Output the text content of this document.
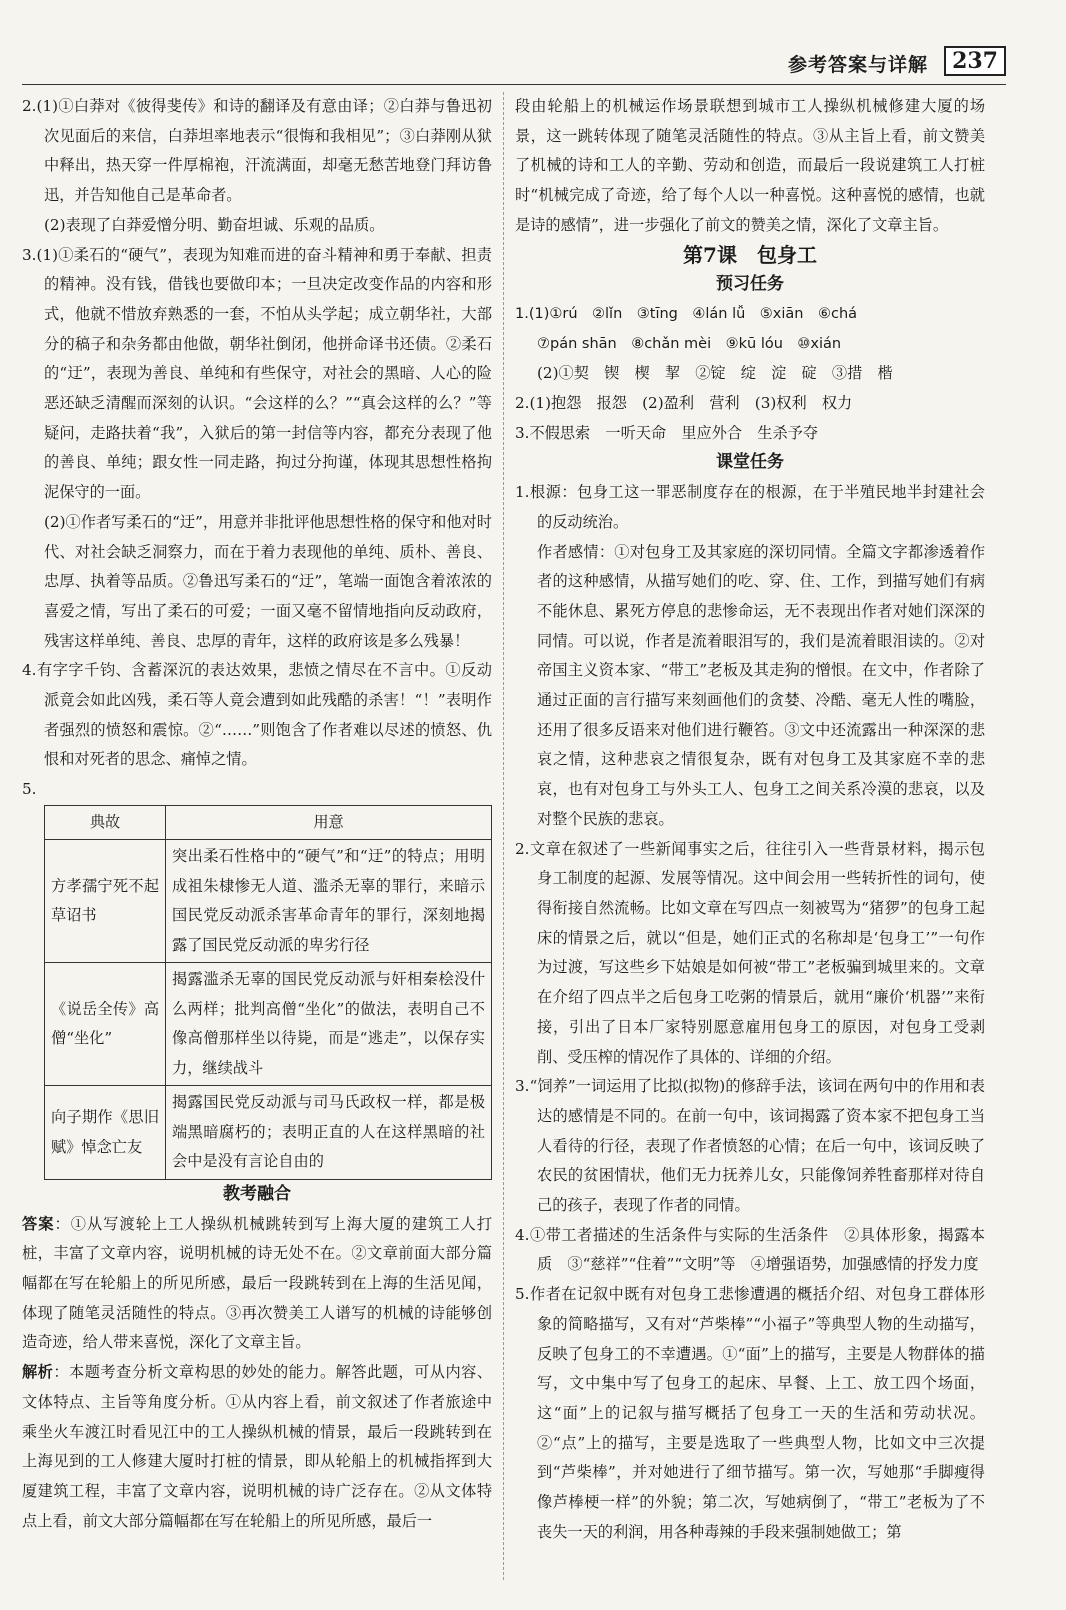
参考答案与详解	237

2.(1)①白莽对《彼得斐传》和诗的翻译及有意由译；②白莽与鲁迅初次见面后的来信，白莽坦率地表示“很悔和我相见”；③白莽刚从狱中释出，热天穿一件厚棉袍，汗流满面，却毫无愁苦地登门拜访鲁迅，并告知他自己是革命者。

(2)表现了白莽爱憎分明、勤奋坦诚、乐观的品质。

3.(1)①柔石的“硬气”，表现为知难而进的奋斗精神和勇于奉献、担责的精神。没有钱，借钱也要做印本；一旦决定改变作品的内容和形式，他就不惜放弃熟悉的一套，不怕从头学起；成立朝华社，大部分的稿子和杂务都由他做，朝华社倒闭，他拼命译书还债。②柔石的“迂”，表现为善良、单纯和有些保守，对社会的黑暗、人心的险恶还缺乏清醒而深刻的认识。“会这样的么？”“真会这样的么？”等疑问，走路扶着“我”，入狱后的第一封信等内容，都充分表现了他的善良、单纯；跟女性一同走路，拘过分拘谨，体现其思想性格拘泥保守的一面。

(2)①作者写柔石的“迂”，用意并非批评他思想性格的保守和他对时代、对社会缺乏洞察力，而在于着力表现他的单纯、质朴、善良、忠厚、执着等品质。②鲁迅写柔石的“迂”，笔端一面饱含着浓浓的喜爱之情，写出了柔石的可爱；一面又毫不留情地指向反动政府，残害这样单纯、善良、忠厚的青年，这样的政府该是多么残暴！

4.有字字千钧、含蓄深沉的表达效果，悲愤之情尽在不言中。①反动派竟会如此凶残，柔石等人竟会遭到如此残酷的杀害！“！”表明作者强烈的愤怒和震惊。②“……”则饱含了作者难以尽述的愤怒、仇恨和对死者的思念、痛悼之情。

5.

典故	用意
方孝孺宁死不起草诏书	突出柔石性格中的“硬气”和“迂”的特点；用明成祖朱棣惨无人道、滥杀无辜的罪行，来暗示国民党反动派杀害革命青年的罪行，深刻地揭露了国民党反动派的卑劣行径
《说岳全传》高僧“坐化”	揭露滥杀无辜的国民党反动派与奸相秦桧没什么两样；批判高僧“坐化”的做法，表明自己不像高僧那样坐以待毙，而是“逃走”，以保存实力，继续战斗
向子期作《思旧赋》悼念亡友	揭露国民党反动派与司马氏政权一样，都是极端黑暗腐朽的；表明正直的人在这样黑暗的社会中是没有言论自由的

教考融合

答案：①从写渡轮上工人操纵机械跳转到写上海大厦的建筑工人打桩，丰富了文章内容，说明机械的诗无处不在。②文章前面大部分篇幅都在写在轮船上的所见所感，最后一段跳转到在上海的生活见闻，体现了随笔灵活随性的特点。③再次赞美工人谱写的机械的诗能够创造奇迹，给人带来喜悦，深化了文章主旨。

解析：本题考查分析文章构思的妙处的能力。解答此题，可从内容、文体特点、主旨等角度分析。①从内容上看，前文叙述了作者旅途中乘坐火车渡江时看见江中的工人操纵机械的情景，最后一段跳转到在上海见到的工人修建大厦时打桩的情景，即从轮船上的机械指挥到大厦建筑工程，丰富了文章内容，说明机械的诗广泛存在。②从文体特点上看，前文大部分篇幅都在写在轮船上的所见所感，最后一

段由轮船上的机械运作场景联想到城市工人操纵机械修建大厦的场景，这一跳转体现了随笔灵活随性的特点。③从主旨上看，前文赞美了机械的诗和工人的辛勤、劳动和创造，而最后一段说建筑工人打桩时“机械完成了奇迹，给了每个人以一种喜悦。这种喜悦的感情，也就是诗的感情”，进一步强化了前文的赞美之情，深化了文章主旨。

第7课　包身工

预习任务

1.(1)①rú　②lǐn　③tīng　④lán lǚ　⑤xiān　⑥chá

⑦pán shān　⑧chǎn mèi　⑨kū lóu　⑩xián

(2)①契　锲　楔　挈　②锭　绽　淀　碇　③措　楷

2.(1)抱怨　报怨　(2)盈利　营利　(3)权利　权力

3.不假思索　一听天命　里应外合　生杀予夺

课堂任务

1.根源：包身工这一罪恶制度存在的根源，在于半殖民地半封建社会的反动统治。

作者感情：①对包身工及其家庭的深切同情。全篇文字都渗透着作者的这种感情，从描写她们的吃、穿、住、工作，到描写她们有病不能休息、累死方停息的悲惨命运，无不表现出作者对她们深深的同情。可以说，作者是流着眼泪写的，我们是流着眼泪读的。②对帝国主义资本家、“带工”老板及其走狗的憎恨。在文中，作者除了通过正面的言行描写来刻画他们的贪婪、冷酷、毫无人性的嘴脸，还用了很多反语来对他们进行鞭笞。③文中还流露出一种深深的悲哀之情，这种悲哀之情很复杂，既有对包身工及其家庭不幸的悲哀，也有对包身工与外头工人、包身工之间关系冷漠的悲哀，以及对整个民族的悲哀。

2.文章在叙述了一些新闻事实之后，往往引入一些背景材料，揭示包身工制度的起源、发展等情况。这中间会用一些转折性的词句，使得衔接自然流畅。比如文章在写四点一刻被骂为“猪猡”的包身工起床的情景之后，就以“但是，她们正式的名称却是‘包身工’”一句作为过渡，写这些乡下姑娘是如何被“带工”老板骗到城里来的。文章在介绍了四点半之后包身工吃粥的情景后，就用“廉价‘机器’”来衔接，引出了日本厂家特别愿意雇用包身工的原因，对包身工受剥削、受压榨的情况作了具体的、详细的介绍。

3.“饲养”一词运用了比拟(拟物)的修辞手法，该词在两句中的作用和表达的感情是不同的。在前一句中，该词揭露了资本家不把包身工当人看待的行径，表现了作者愤怒的心情；在后一句中，该词反映了农民的贫困情状，他们无力抚养儿女，只能像饲养牲畜那样对待自己的孩子，表现了作者的同情。

4.①带工者描述的生活条件与实际的生活条件　②具体形象，揭露本质　③“慈祥”“住着”“文明”等　④增强语势，加强感情的抒发力度

5.作者在记叙中既有对包身工悲惨遭遇的概括介绍、对包身工群体形象的简略描写，又有对“芦柴棒”“小福子”等典型人物的生动描写，反映了包身工的不幸遭遇。①“面”上的描写，主要是人物群体的描写，文中集中写了包身工的起床、早餐、上工、放工四个场面，这“面”上的记叙与描写概括了包身工一天的生活和劳动状况。②“点”上的描写，主要是选取了一些典型人物，比如文中三次提到“芦柴棒”，并对她进行了细节描写。第一次，写她那“手脚瘦得像芦棒梗一样”的外貌；第二次，写她病倒了，“带工”老板为了不丧失一天的利润，用各种毒辣的手段来强制她做工；第
